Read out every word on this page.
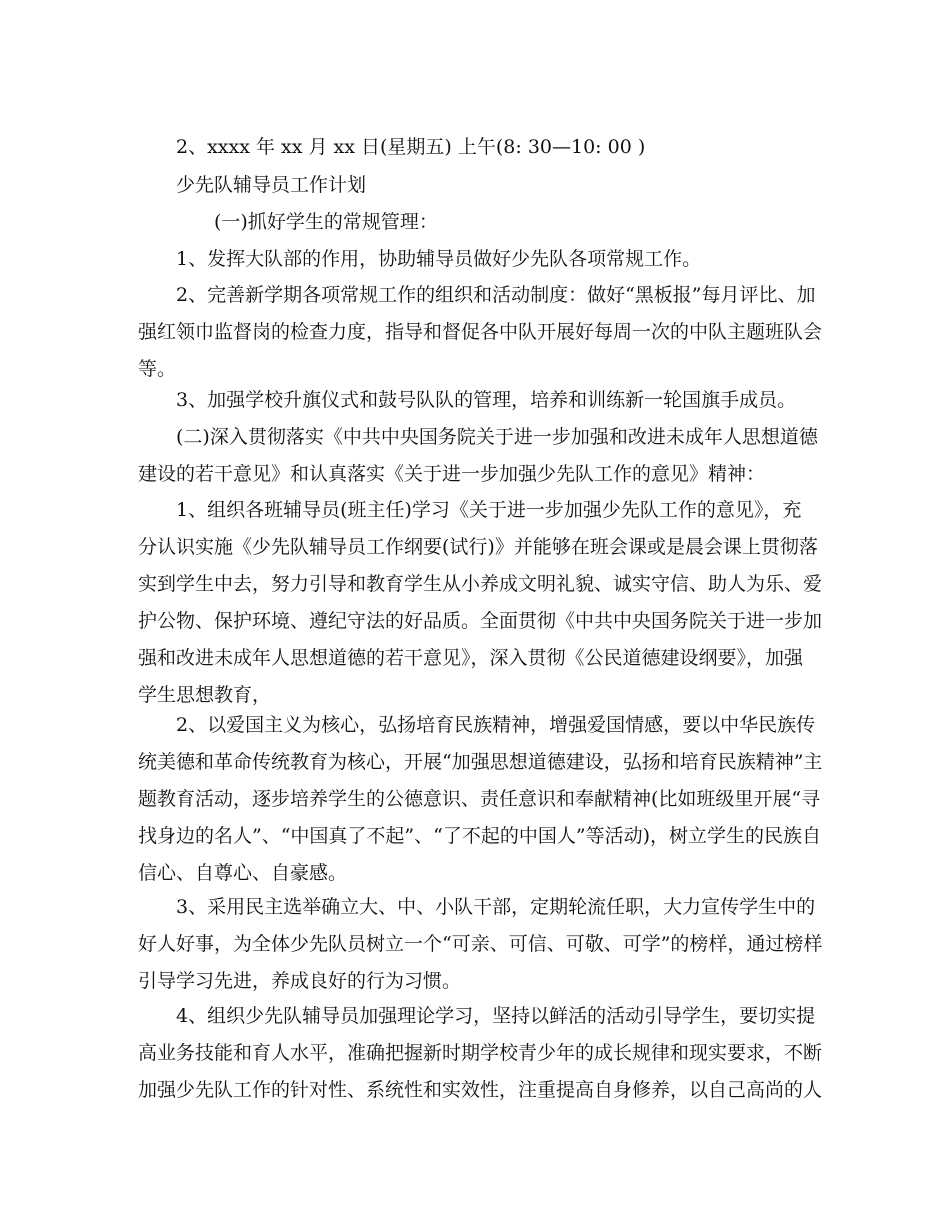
2、xxxx 年 xx 月 xx 日(星期五) 上午(8: 30—10: 00 )
少先队辅导员工作计划
(一)抓好学生的常规管理：
1、发挥大队部的作用，协助辅导员做好少先队各项常规工作。
2、完善新学期各项常规工作的组织和活动制度：做好“黑板报”每月评比、加
强红领巾监督岗的检查力度，指导和督促各中队开展好每周一次的中队主题班队会
等。
3、加强学校升旗仪式和鼓号队队的管理，培养和训练新一轮国旗手成员。
(二)深入贯彻落实《中共中央国务院关于进一步加强和改进未成年人思想道德
建设的若干意见》和认真落实《关于进一步加强少先队工作的意见》精神：
1、组织各班辅导员(班主任)学习《关于进一步加强少先队工作的意见》，充
分认识实施《少先队辅导员工作纲要(试行)》并能够在班会课或是晨会课上贯彻落
实到学生中去，努力引导和教育学生从小养成文明礼貌、诚实守信、助人为乐、爱
护公物、保护环境、遵纪守法的好品质。全面贯彻《中共中央国务院关于进一步加
强和改进未成年人思想道德的若干意见》，深入贯彻《公民道德建设纲要》，加强
学生思想教育，
2、以爱国主义为核心，弘扬培育民族精神，增强爱国情感，要以中华民族传
统美德和革命传统教育为核心，开展“加强思想道德建设，弘扬和培育民族精神”主
题教育活动，逐步培养学生的公德意识、责任意识和奉献精神(比如班级里开展“寻
找身边的名人”、“中国真了不起”、“了不起的中国人”等活动)，树立学生的民族自
信心、自尊心、自豪感。
3、采用民主选举确立大、中、小队干部，定期轮流任职，大力宣传学生中的
好人好事，为全体少先队员树立一个“可亲、可信、可敬、可学”的榜样，通过榜样
引导学习先进，养成良好的行为习惯。
4、组织少先队辅导员加强理论学习，坚持以鲜活的活动引导学生，要切实提
高业务技能和育人水平，准确把握新时期学校青少年的成长规律和现实要求，不断
加强少先队工作的针对性、系统性和实效性，注重提高自身修养，以自己高尚的人
